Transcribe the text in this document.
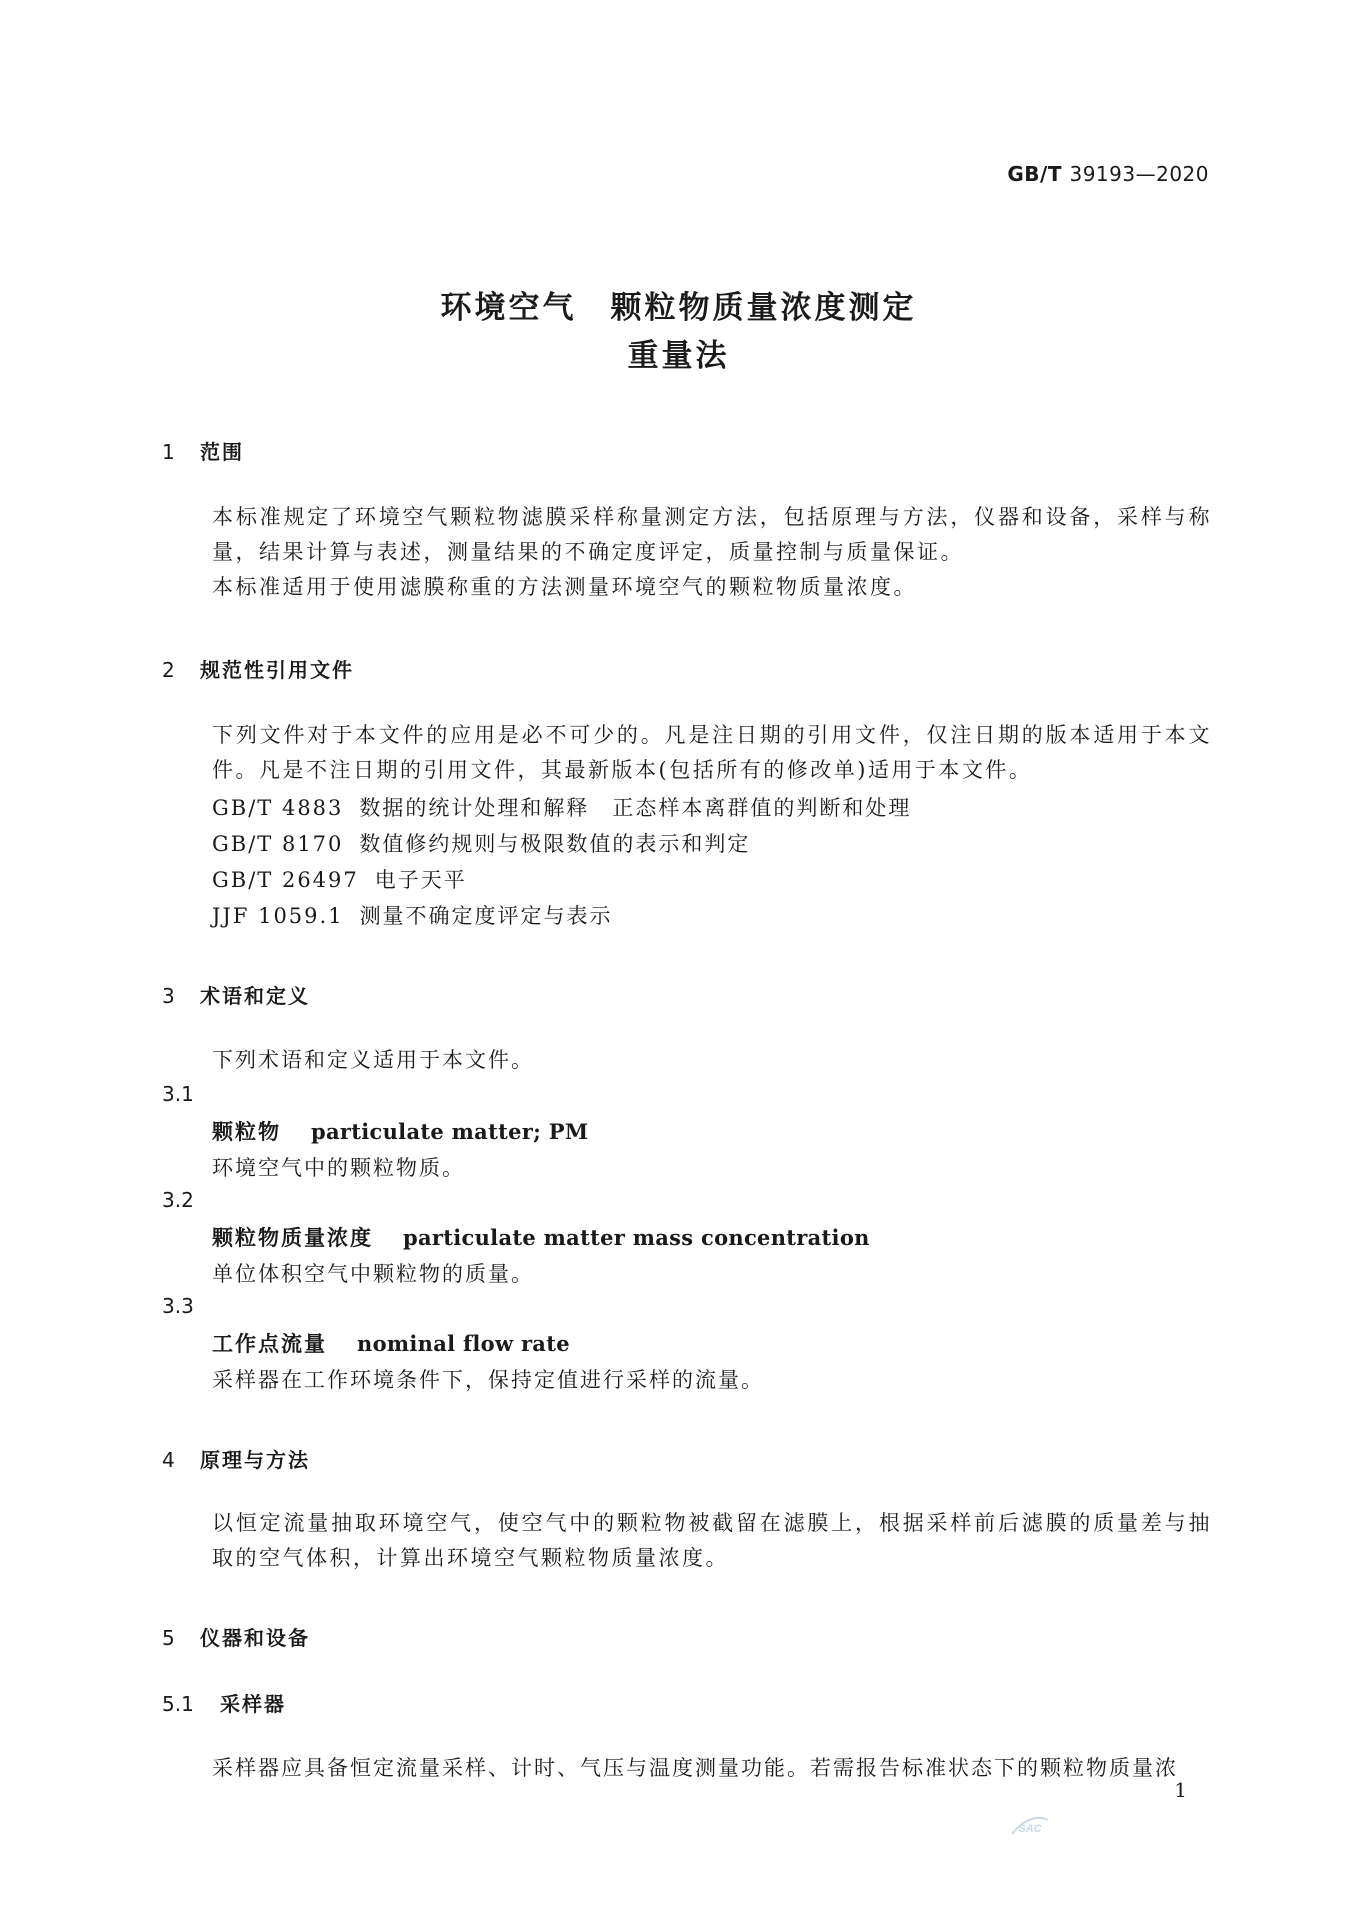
GB/T 39193—2020
环境空气　颗粒物质量浓度测定
重量法
1 范围
本标准规定了环境空气颗粒物滤膜采样称量测定方法，包括原理与方法，仪器和设备，采样与称量，结果计算与表述，测量结果的不确定度评定，质量控制与质量保证。
本标准适用于使用滤膜称重的方法测量环境空气的颗粒物质量浓度。
2 规范性引用文件
下列文件对于本文件的应用是必不可少的。凡是注日期的引用文件，仅注日期的版本适用于本文件。凡是不注日期的引用文件，其最新版本(包括所有的修改单)适用于本文件。
GB/T 4883 数据的统计处理和解释　正态样本离群值的判断和处理
GB/T 8170 数值修约规则与极限数值的表示和判定
GB/T 26497 电子天平
JJF 1059.1 测量不确定度评定与表示
3 术语和定义
下列术语和定义适用于本文件。
3.1
颗粒物 particulate matter; PM
环境空气中的颗粒物质。
3.2
颗粒物质量浓度 particulate matter mass concentration
单位体积空气中颗粒物的质量。
3.3
工作点流量 nominal flow rate
采样器在工作环境条件下，保持定值进行采样的流量。
4 原理与方法
以恒定流量抽取环境空气，使空气中的颗粒物被截留在滤膜上，根据采样前后滤膜的质量差与抽取的空气体积，计算出环境空气颗粒物质量浓度。
5 仪器和设备
5.1 采样器
采样器应具备恒定流量采样、计时、气压与温度测量功能。若需报告标准状态下的颗粒物质量浓
1
SAC
